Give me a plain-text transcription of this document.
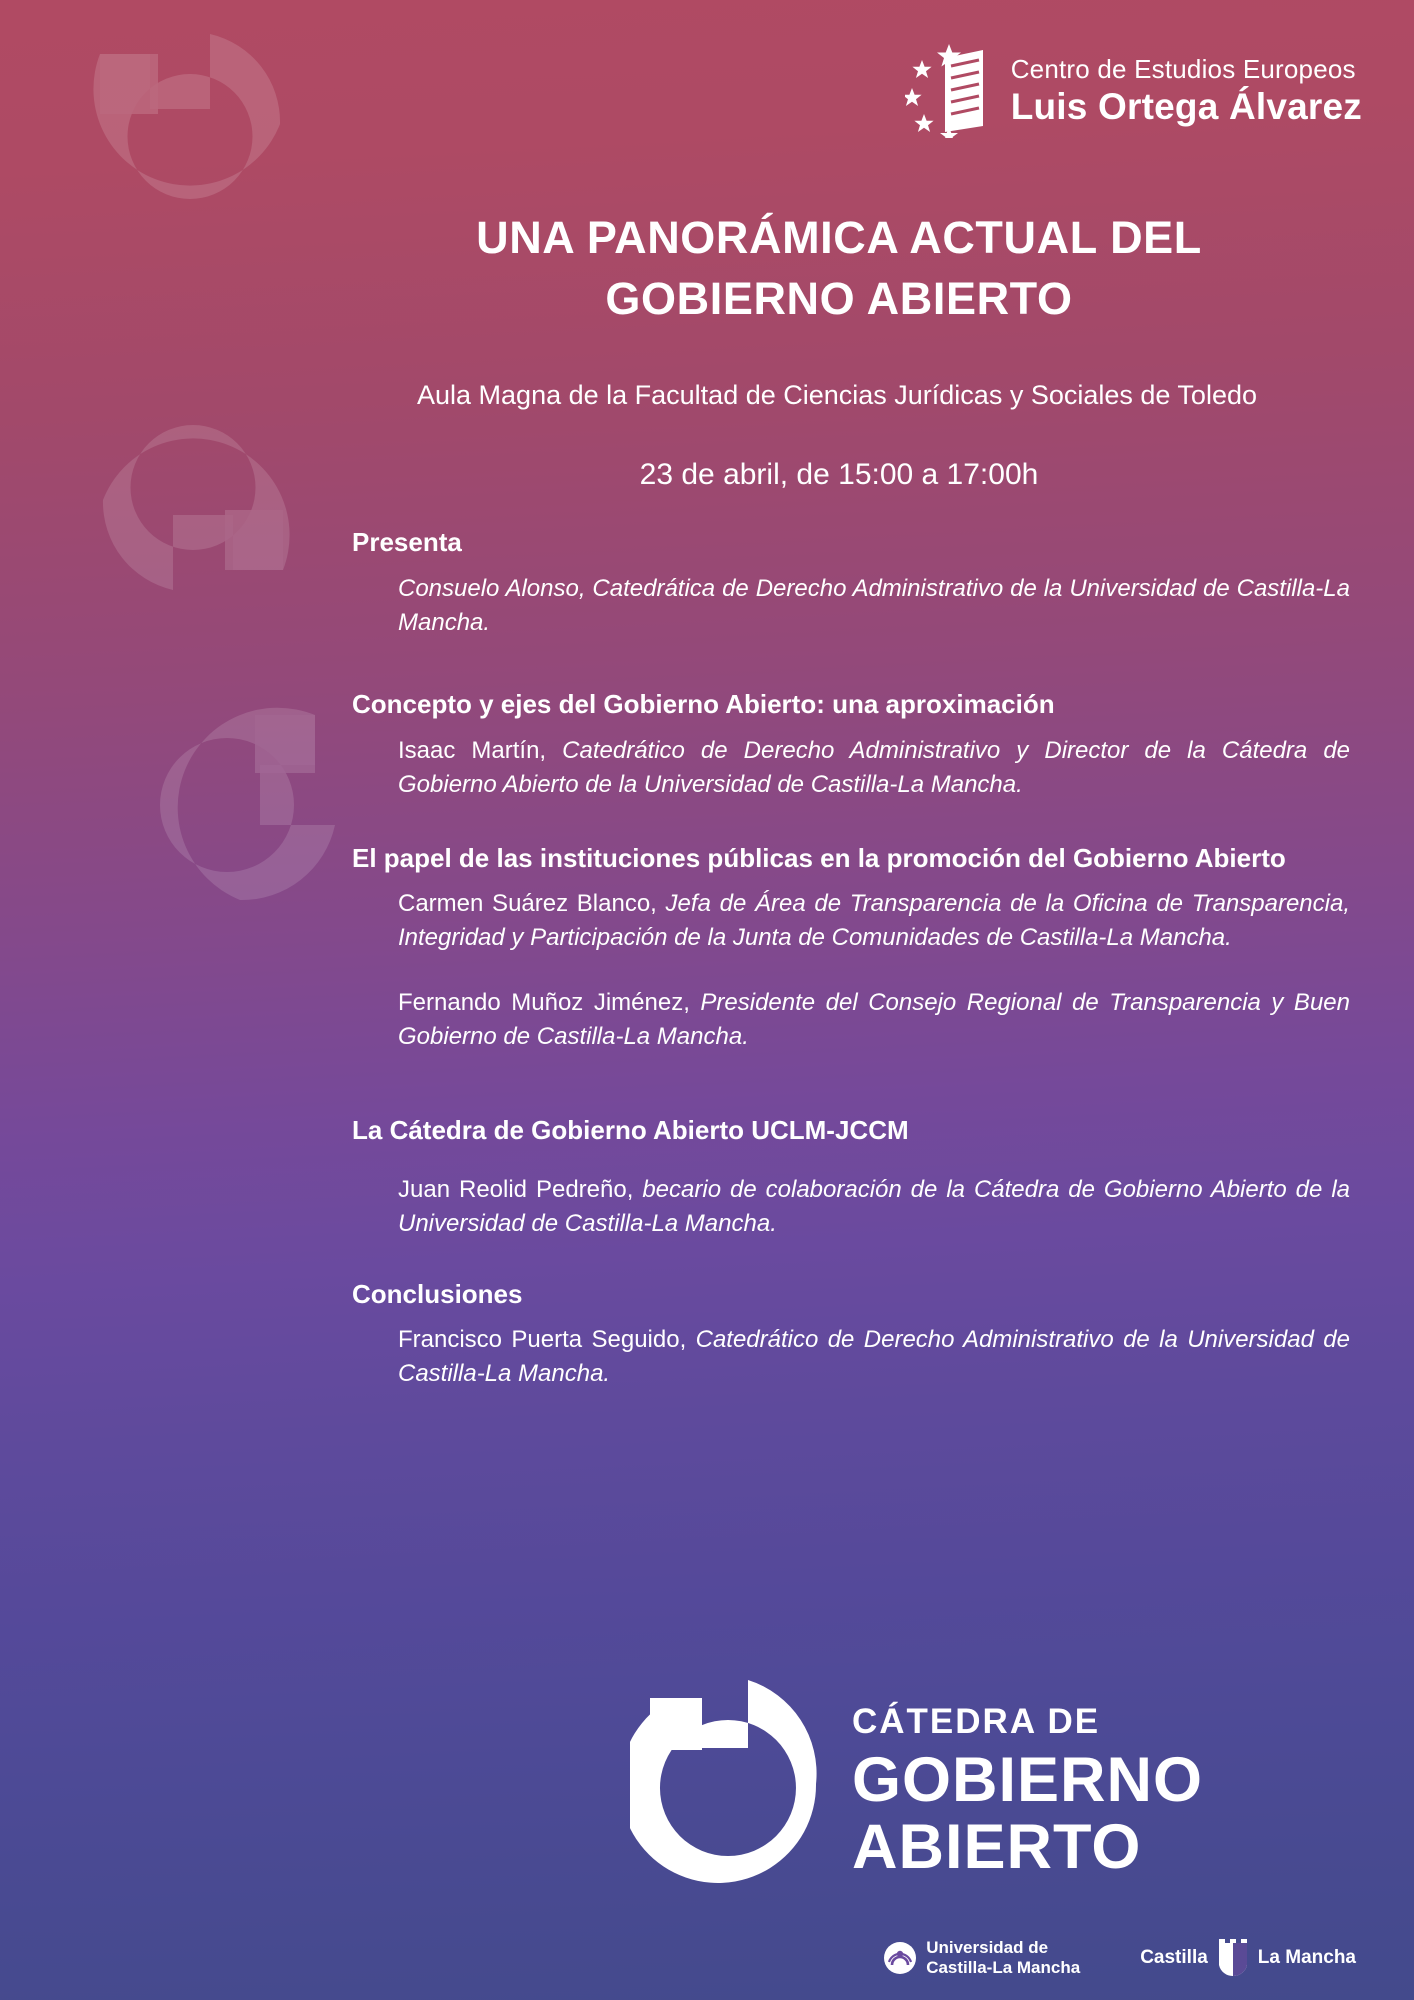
Centro de Estudios Europeos
Luis Ortega Álvarez
UNA PANORÁMICA ACTUAL DEL
GOBIERNO ABIERTO
Aula Magna de la Facultad de Ciencias Jurídicas y Sociales de Toledo
23 de abril, de 15:00 a 17:00h
Presenta

Consuelo Alonso, Catedrática de Derecho Administrativo de la Universidad de Castilla-La Mancha.

Concepto y ejes del Gobierno Abierto: una aproximación

Isaac Martín, Catedrático de Derecho Administrativo y Director de la Cátedra de Gobierno Abierto de la Universidad de Castilla-La Mancha.

El papel de las instituciones públicas en la promoción del Gobierno Abierto

Carmen Suárez Blanco, Jefa de Área de Transparencia de la Oficina de Transparencia, Integridad y Participación de la Junta de Comunidades de Castilla-La Mancha.

Fernando Muñoz Jiménez, Presidente del Consejo Regional de Transparencia y Buen Gobierno de Castilla-La Mancha.

La Cátedra de Gobierno Abierto UCLM-JCCM

Juan Reolid Pedreño, becario de colaboración de la Cátedra de Gobierno Abierto de la Universidad de Castilla-La Mancha.

Conclusiones

Francisco Puerta Seguido, Catedrático de Derecho Administrativo de la Universidad de Castilla-La Mancha.

CÁTEDRA DE
GOBIERNO
ABIERTO
Universidad de
Castilla-La Mancha	Castilla	La Mancha
